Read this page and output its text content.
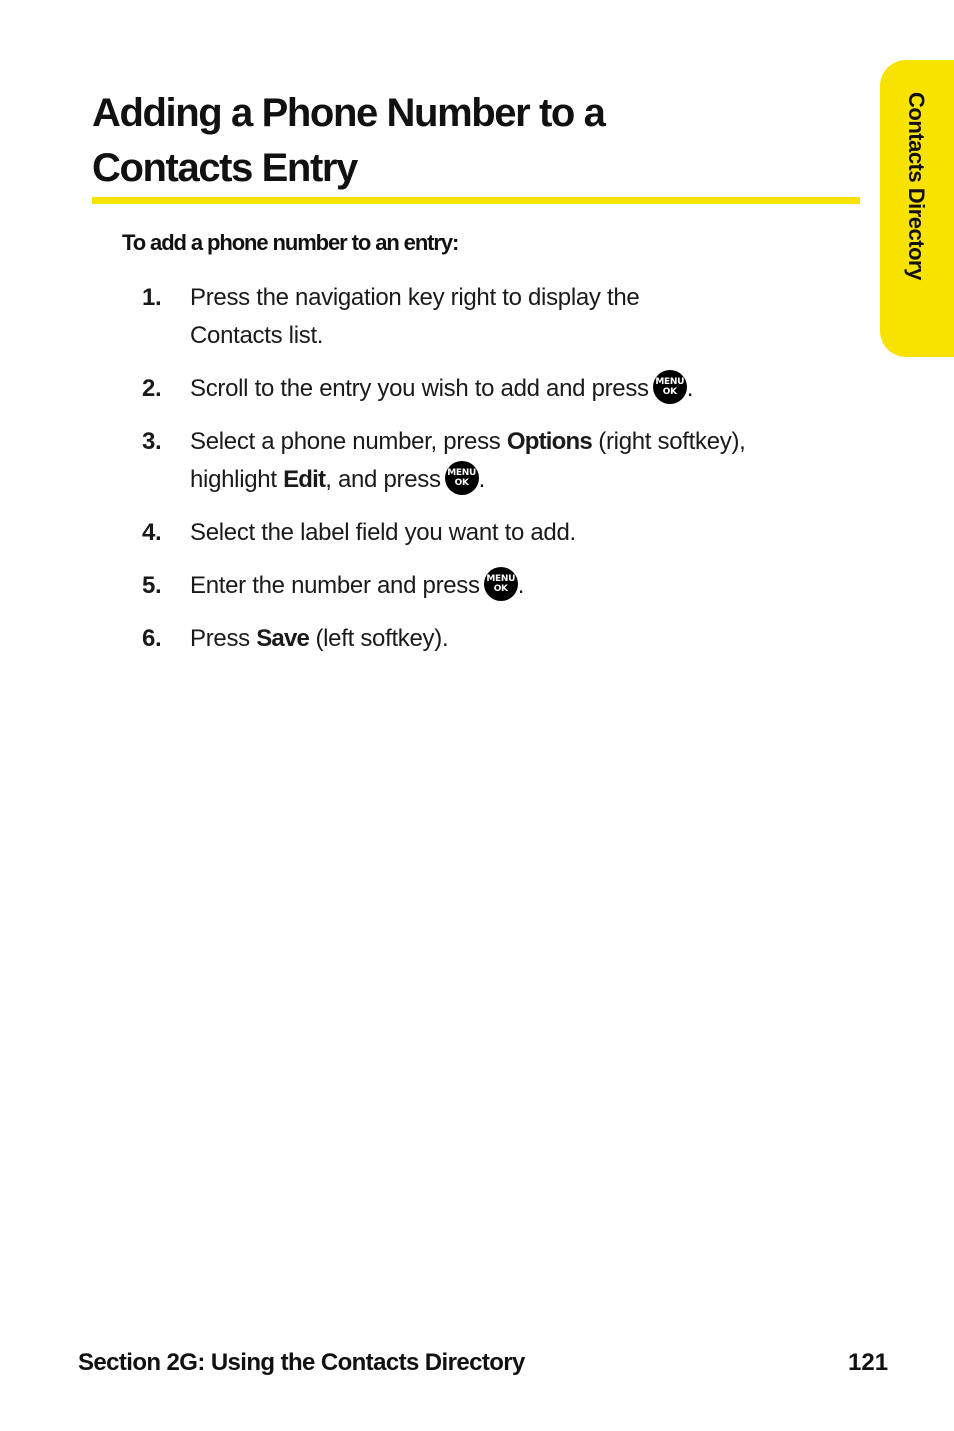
Adding a Phone Number to a
Contacts Entry	Contacts Directory
To add a phone number to an entry:
1. Press the navigation key right to display the
Contacts list.
2. Scroll to the entry you wish to add and press MENU
OK .
3. Select a phone number, press Options (right softkey),
highlight Edit, and press MENU
OK .
4. Select the label field you want to add.
5. Enter the number and press MENU
OK .
6. Press Save (left softkey).
Section 2G: Using the Contacts Directory	121
